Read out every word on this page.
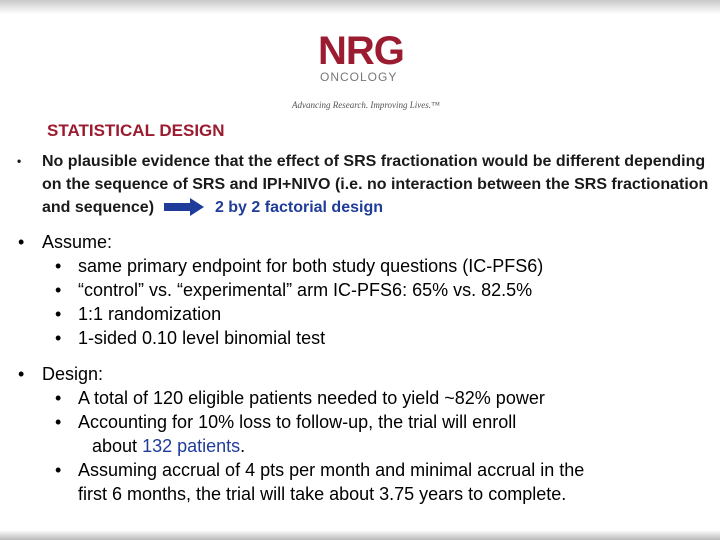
NRG
ONCOLOGY
Advancing Research. Improving Lives.™
STATISTICAL DESIGN
• No plausible evidence that the effect of SRS fractionation would be different depending on the sequence of SRS and IPI+NIVO (i.e. no interaction between the SRS fractionation and sequence)	2 by 2 factorial design
• Assume:
• same primary endpoint for both study questions (IC-PFS6)
• “control” vs. “experimental” arm IC-PFS6: 65% vs. 82.5%
• 1:1 randomization
• 1-sided 0.10 level binomial test
• Design:
• A total of 120 eligible patients needed to yield ~82% power
• Accounting for 10% loss to follow-up, the trial will enroll
about 132 patients.
• Assuming accrual of 4 pts per month and minimal accrual in the
first 6 months, the trial will take about 3.75 years to complete.
